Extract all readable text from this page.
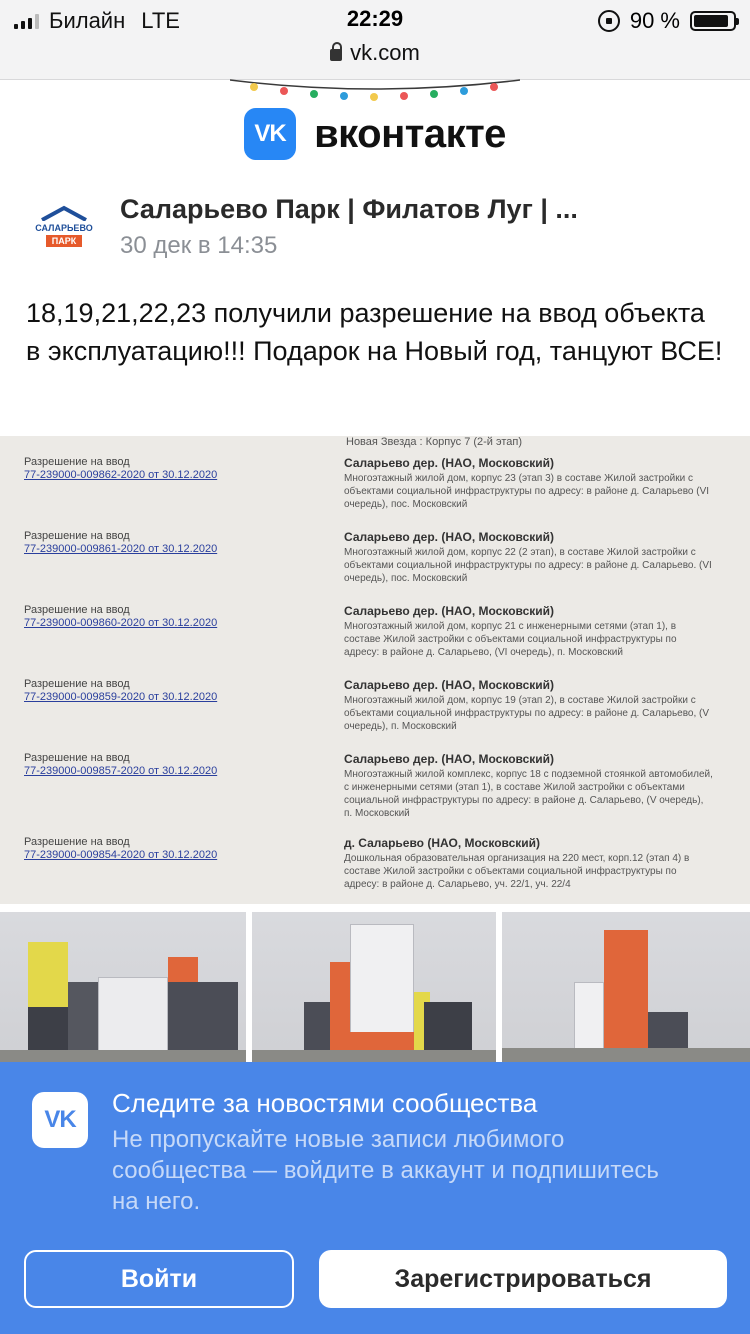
Билайн LTE	22:29	90 %
vk.com
VK вконтакте
САЛАРЬЕВО
ПАРК
Саларьево Парк | Филатов Луг | ...
30 дек в 14:35
18,19,21,22,23 получили разрешение на ввод объекта в эксплуатацию!!! Подарок на Новый год, танцуют ВСЕ!
Новая Звезда : Корпус 7 (2-й этап)
Разрешение на ввод
77-239000-009862-2020 от 30.12.2020
Саларьево дер. (НАО, Московский)
Многоэтажный жилой дом, корпус 23 (этап 3) в составе Жилой застройки с объектами социальной инфраструктуры по адресу: в районе д. Саларьево (VI очередь), пос. Московский
Разрешение на ввод
77-239000-009861-2020 от 30.12.2020
Саларьево дер. (НАО, Московский)
Многоэтажный жилой дом, корпус 22 (2 этап), в составе Жилой застройки с объектами социальной инфраструктуры по адресу: в районе д. Саларьево. (VI очередь), пос. Московский
Разрешение на ввод
77-239000-009860-2020 от 30.12.2020
Саларьево дер. (НАО, Московский)
Многоэтажный жилой дом, корпус 21 с инженерными сетями (этап 1), в составе Жилой застройки с объектами социальной инфраструктуры по адресу: в районе д. Саларьево, (VI очередь), п. Московский
Разрешение на ввод
77-239000-009859-2020 от 30.12.2020
Саларьево дер. (НАО, Московский)
Многоэтажный жилой дом, корпус 19 (этап 2), в составе Жилой застройки с объектами социальной инфраструктуры по адресу: в районе д. Саларьево, (V очередь), п. Московский
Разрешение на ввод
77-239000-009857-2020 от 30.12.2020
Саларьево дер. (НАО, Московский)
Многоэтажный жилой комплекс, корпус 18 с подземной стоянкой автомобилей, с инженерными сетями (этап 1), в составе Жилой застройки с объектами социальной инфраструктуры по адресу: в районе д. Саларьево, (V очередь), п. Московский
Разрешение на ввод
77-239000-009854-2020 от 30.12.2020
д. Саларьево (НАО, Московский)
Дошкольная образовательная организация на 220 мест, корп.12 (этап 4) в составе Жилой застройки с объектами социальной инфраструктуры по адресу: в районе д. Саларьево, уч. 22/1, уч. 22/4
VK
Следите за новостями сообщества
Не пропускайте новые записи любимого сообщества — войдите в аккаунт и подпишитесь на него.
Войти	Зарегистрироваться
